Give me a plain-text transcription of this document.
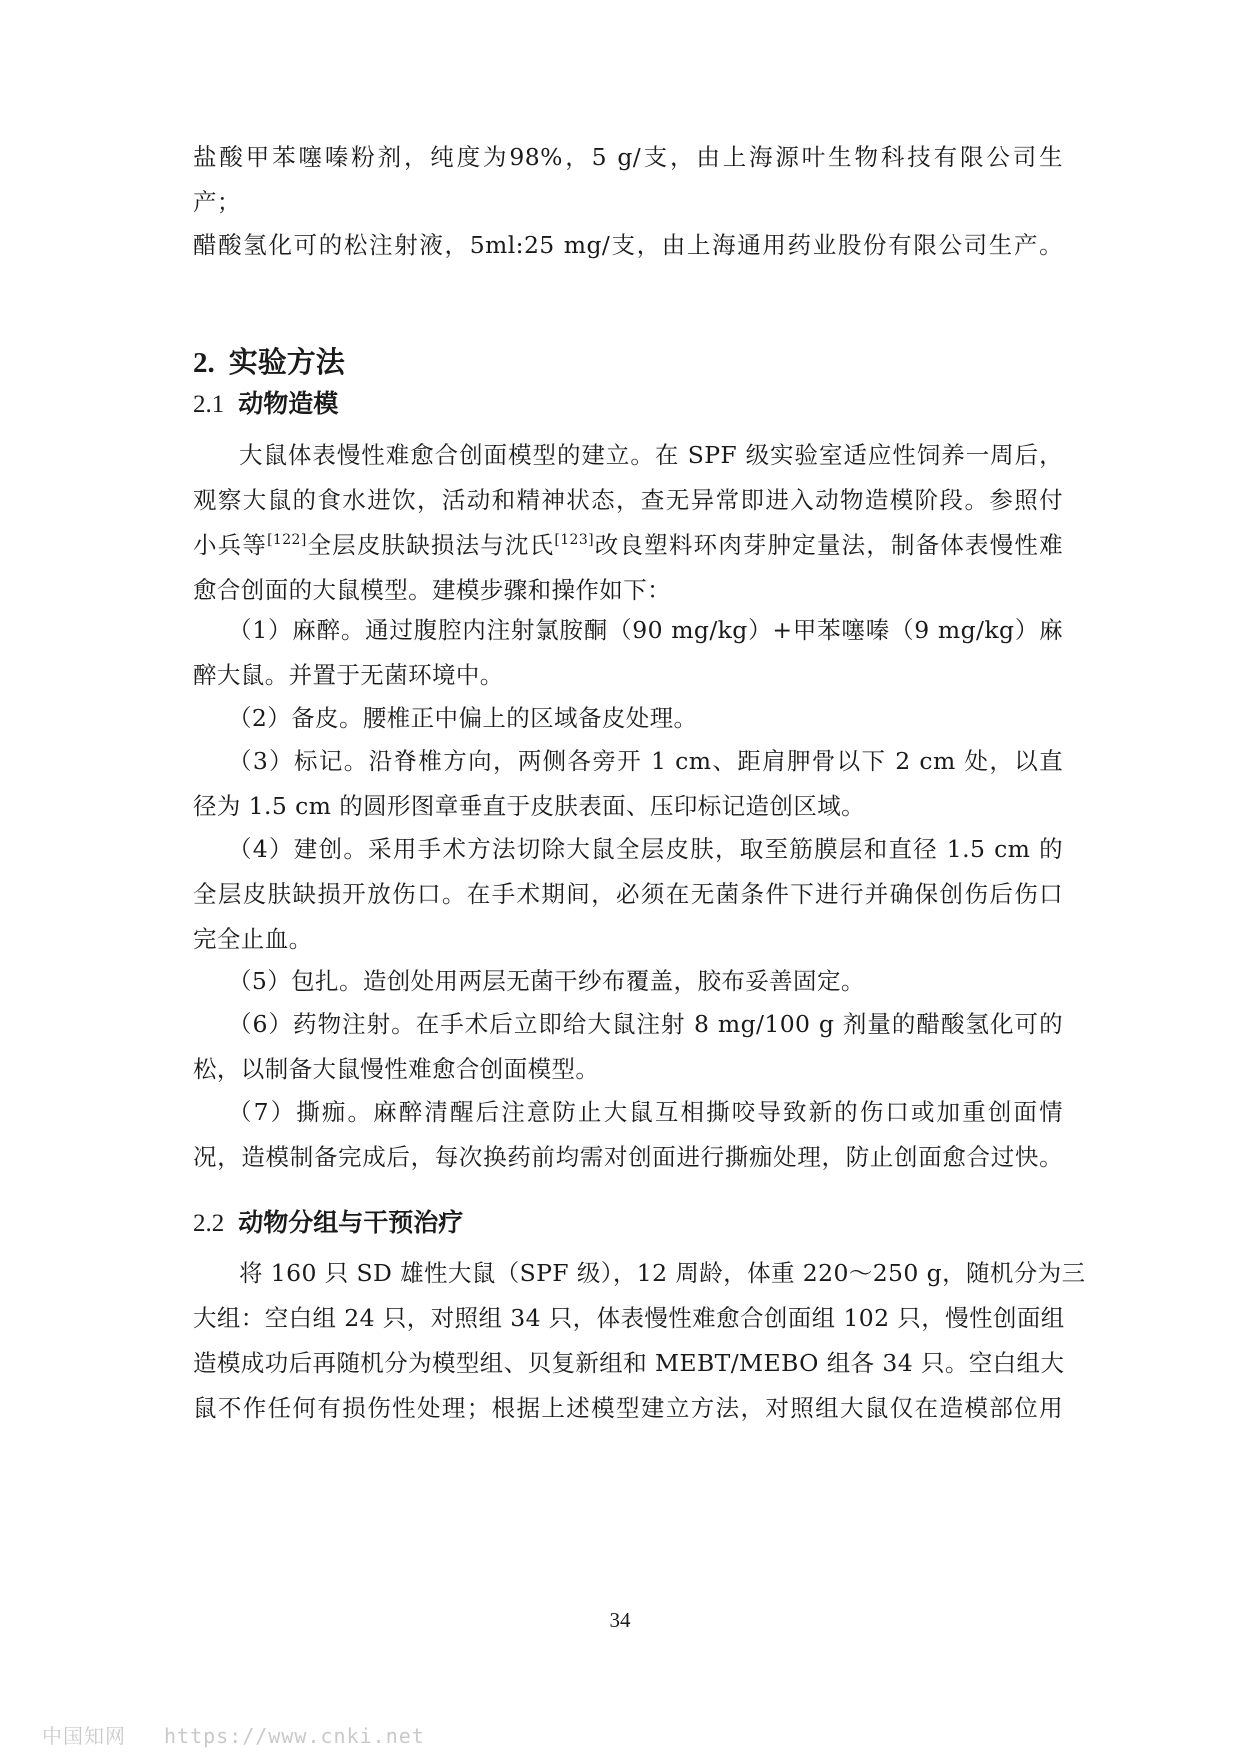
盐酸甲苯噻嗪粉剂，纯度为98%，5 g/支，由上海源叶生物科技有限公司生
产；
醋酸氢化可的松注射液，5ml:25 mg/支，由上海通用药业股份有限公司生产。
2. 实验方法
2.1 动物造模
大鼠体表慢性难愈合创面模型的建立。在 SPF 级实验室适应性饲养一周后，
观察大鼠的食水进饮，活动和精神状态，查无异常即进入动物造模阶段。参照付
小兵等[122]全层皮肤缺损法与沈氏[123]改良塑料环肉芽肿定量法，制备体表慢性难
愈合创面的大鼠模型。建模步骤和操作如下：
（1）麻醉。通过腹腔内注射氯胺酮（90 mg/kg）+甲苯噻嗪（9 mg/kg）麻
醉大鼠。并置于无菌环境中。
（2）备皮。腰椎正中偏上的区域备皮处理。
（3）标记。沿脊椎方向，两侧各旁开 1 cm、距肩胛骨以下 2 cm 处，以直
径为 1.5 cm 的圆形图章垂直于皮肤表面、压印标记造创区域。
（4）建创。采用手术方法切除大鼠全层皮肤，取至筋膜层和直径 1.5 cm 的
全层皮肤缺损开放伤口。在手术期间，必须在无菌条件下进行并确保创伤后伤口
完全止血。
（5）包扎。造创处用两层无菌干纱布覆盖，胶布妥善固定。
（6）药物注射。在手术后立即给大鼠注射 8 mg/100 g 剂量的醋酸氢化可的
松，以制备大鼠慢性难愈合创面模型。
（7）撕痂。麻醉清醒后注意防止大鼠互相撕咬导致新的伤口或加重创面情
况，造模制备完成后，每次换药前均需对创面进行撕痂处理，防止创面愈合过快。
2.2 动物分组与干预治疗
将 160 只 SD 雄性大鼠（SPF 级），12 周龄，体重 220～250 g，随机分为三
大组：空白组 24 只，对照组 34 只，体表慢性难愈合创面组 102 只，慢性创面组
造模成功后再随机分为模型组、贝复新组和 MEBT/MEBO 组各 34 只。空白组大
鼠不作任何有损伤性处理；根据上述模型建立方法，对照组大鼠仅在造模部位用
34
中国知网 https://www.cnki.net
